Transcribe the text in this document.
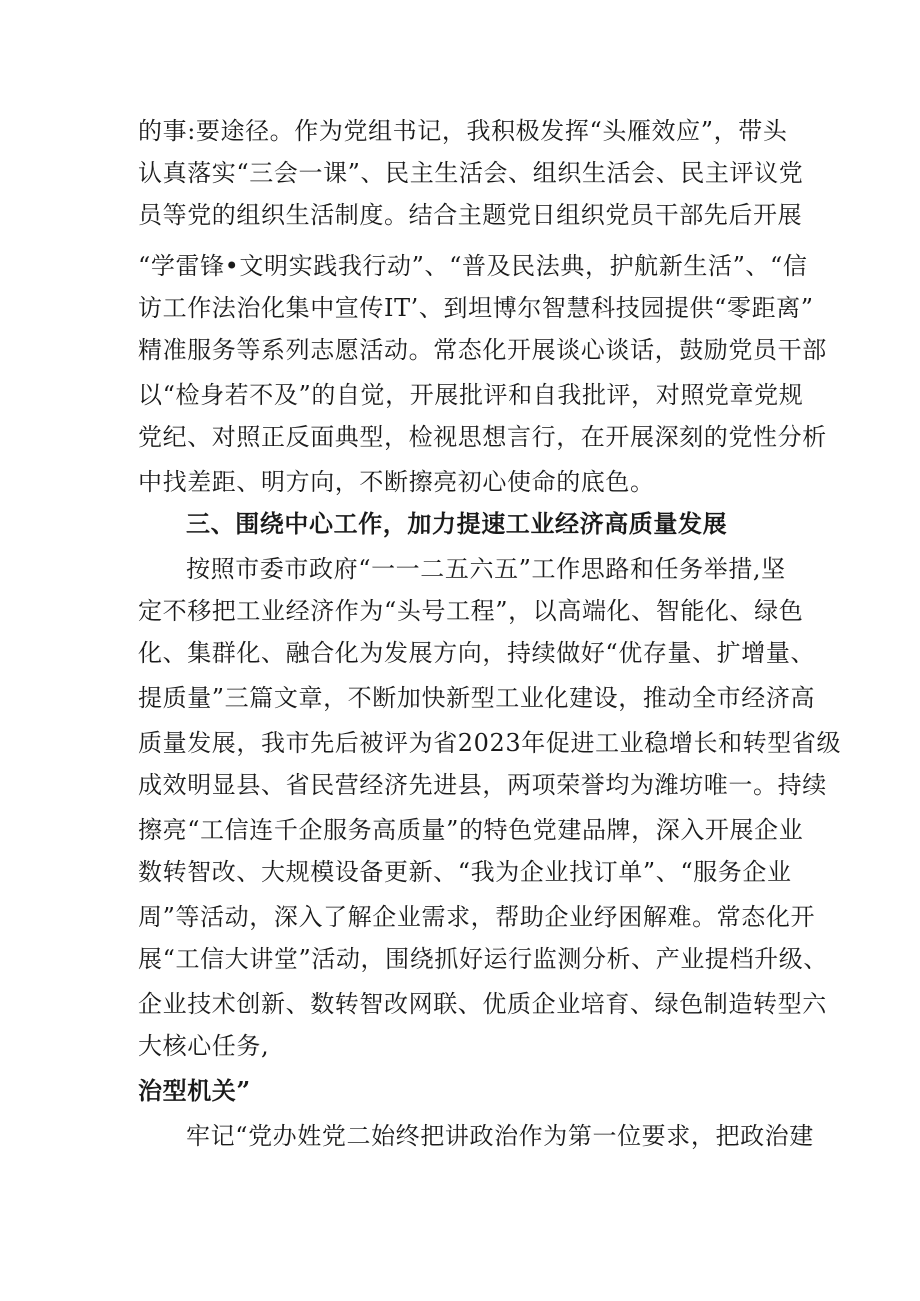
的事:要途径。作为党组书记，我积极发挥“头雁效应”，带头
认真落实“三会一课”、民主生活会、组织生活会、民主评议党
员等党的组织生活制度。结合主题党日组织党员干部先后开展
“学雷锋•文明实践我行动”、“普及民法典，护航新生活”、“信
访工作法治化集中宣传IT’、到坦博尔智慧科技园提供“零距离”
精准服务等系列志愿活动。常态化开展谈心谈话，鼓励党员干部
以“检身若不及”的自觉，开展批评和自我批评，对照党章党规
党纪、对照正反面典型，检视思想言行，在开展深刻的党性分析
中找差距、明方向，不断擦亮初心使命的底色。
三、围绕中心工作，加力提速工业经济高质量发展
按照市委市政府“一一二五六五”工作思路和任务举措,坚
定不移把工业经济作为“头号工程”，以高端化、智能化、绿色
化、集群化、融合化为发展方向，持续做好“优存量、扩增量、
提质量”三篇文章，不断加快新型工业化建设，推动全市经济高
质量发展，我市先后被评为省2023年促进工业稳增长和转型省级
成效明显县、省民营经济先进县，两项荣誉均为潍坊唯一。持续
擦亮“工信连千企服务高质量”的特色党建品牌，深入开展企业
数转智改、大规模设备更新、“我为企业找订单”、“服务企业
周”等活动，深入了解企业需求，帮助企业纾困解难。常态化开
展“工信大讲堂”活动，围绕抓好运行监测分析、产业提档升级、
企业技术创新、数转智改网联、优质企业培育、绿色制造转型六
大核心任务,
治型机关”
牢记“党办姓党二始终把讲政治作为第一位要求，把政治建
